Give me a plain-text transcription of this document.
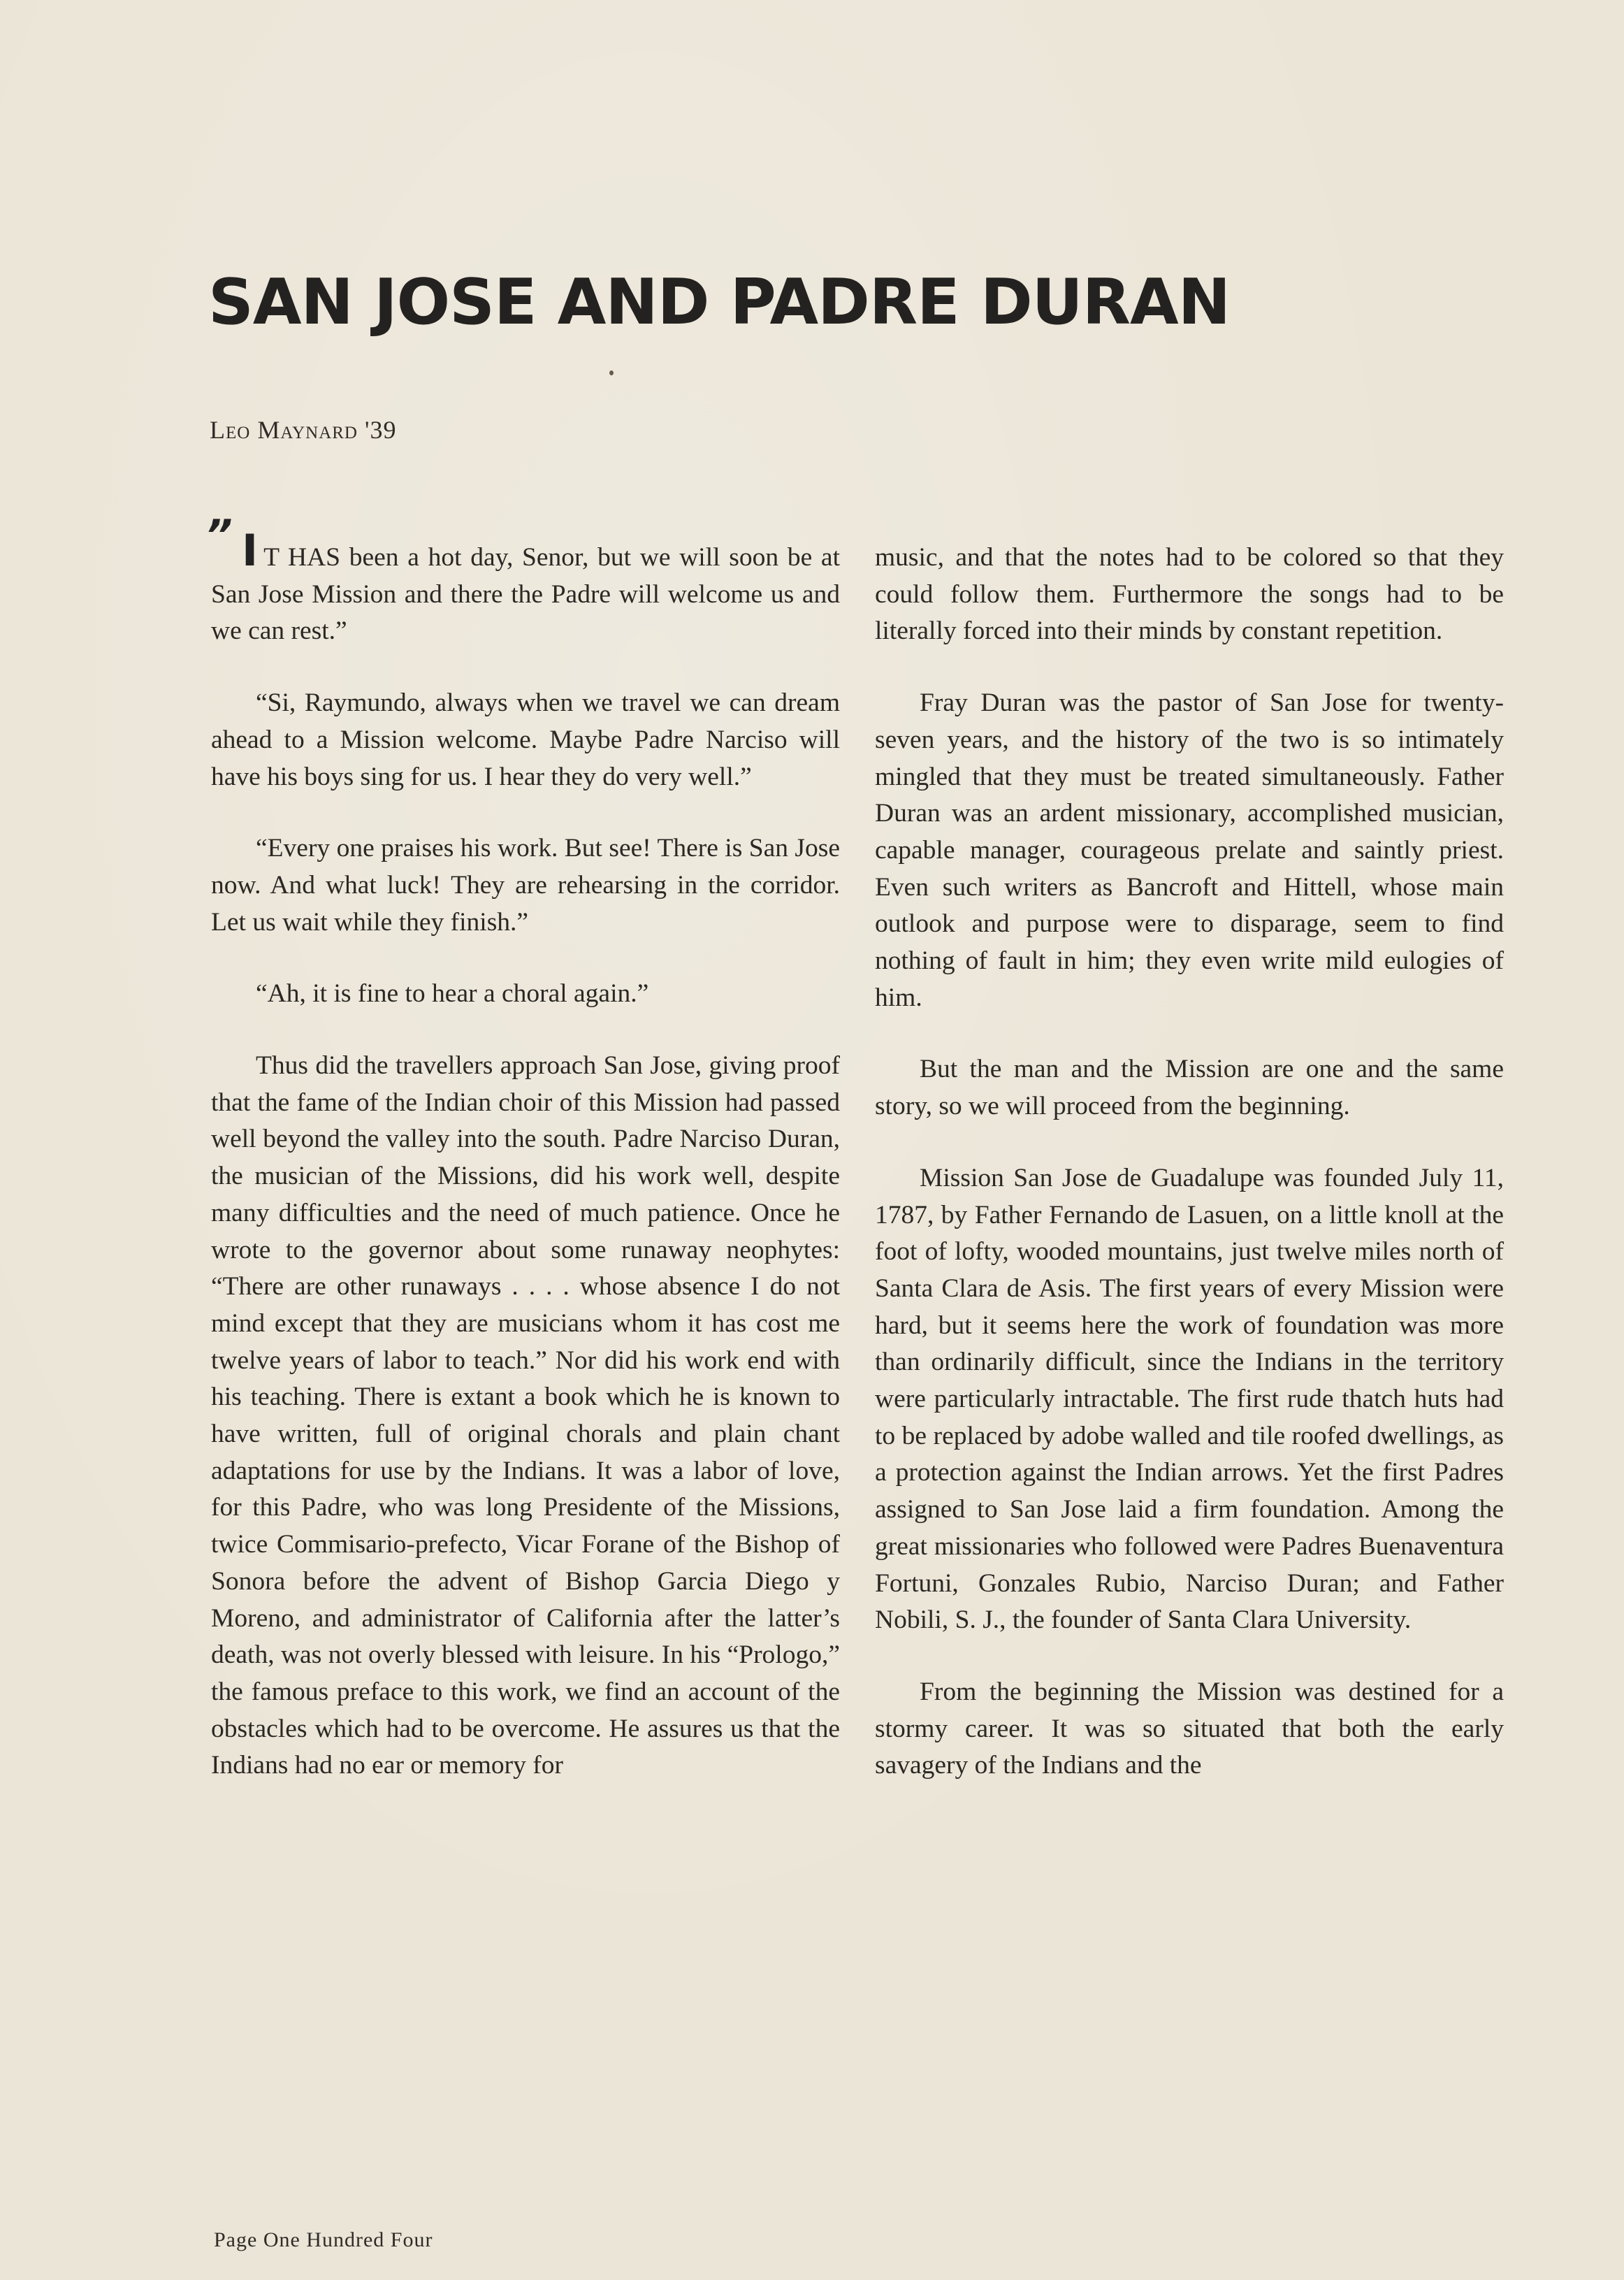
SAN JOSE AND PADRE DURAN
Leo Maynard '39
” I T HAS been a hot day, Senor, but we will soon be at San Jose Mission and there the Padre will welcome us and we can rest.”

“Si, Raymundo, always when we travel we can dream ahead to a Mission welcome. Maybe Padre Narciso will have his boys sing for us. I hear they do very well.”

“Every one praises his work. But see! There is San Jose now. And what luck! They are rehearsing in the corridor. Let us wait while they finish.”

“Ah, it is fine to hear a choral again.”

Thus did the travellers approach San Jose, giving proof that the fame of the Indian choir of this Mission had passed well beyond the valley into the south. Padre Narciso Duran, the musician of the Missions, did his work well, despite many difficulties and the need of much patience. Once he wrote to the governor about some runaway neophytes: “There are other runaways . . . . whose absence I do not mind except that they are musicians whom it has cost me twelve years of labor to teach.” Nor did his work end with his teaching. There is extant a book which he is known to have written, full of original chorals and plain chant adaptations for use by the Indians. It was a labor of love, for this Padre, who was long Presidente of the Missions, twice Commisario-prefecto, Vicar Forane of the Bishop of Sonora before the advent of Bishop Garcia Diego y Moreno, and administrator of California after the latter’s death, was not overly blessed with leisure. In his “Prologo,” the famous preface to this work, we find an account of the obstacles which had to be overcome. He assures us that the Indians had no ear or memory for

music, and that the notes had to be colored so that they could follow them. Furthermore the songs had to be literally forced into their minds by constant repetition.

Fray Duran was the pastor of San Jose for twenty-seven years, and the history of the two is so intimately mingled that they must be treated simultaneously. Father Duran was an ardent missionary, accomplished musician, capable manager, courageous prelate and saintly priest. Even such writers as Bancroft and Hittell, whose main outlook and purpose were to disparage, seem to find nothing of fault in him; they even write mild eulogies of him.

But the man and the Mission are one and the same story, so we will proceed from the beginning.

Mission San Jose de Guadalupe was founded July 11, 1787, by Father Fernando de Lasuen, on a little knoll at the foot of lofty, wooded mountains, just twelve miles north of Santa Clara de Asis. The first years of every Mission were hard, but it seems here the work of foundation was more than ordinarily difficult, since the Indians in the territory were particularly intractable. The first rude thatch huts had to be replaced by adobe walled and tile roofed dwellings, as a protection against the Indian arrows. Yet the first Padres assigned to San Jose laid a firm foundation. Among the great missionaries who followed were Padres Buenaventura Fortuni, Gonzales Rubio, Narciso Duran; and Father Nobili, S. J., the founder of Santa Clara University.

From the beginning the Mission was destined for a stormy career. It was so situated that both the early savagery of the Indians and the

Page One Hundred Four
